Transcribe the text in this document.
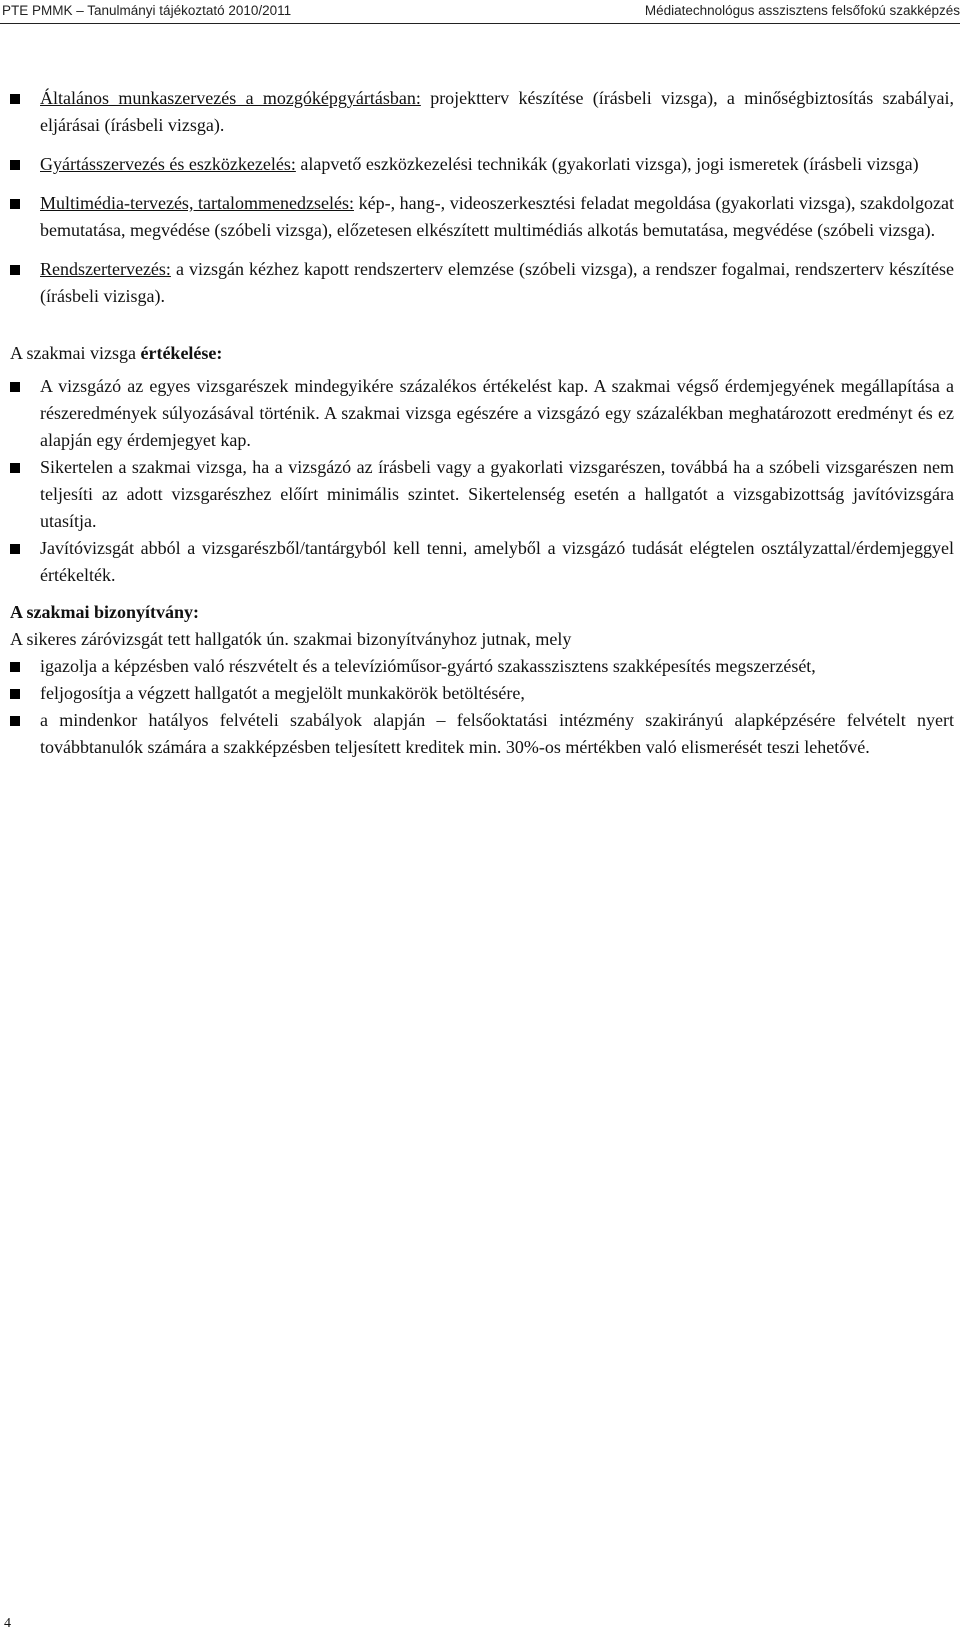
PTE PMMK – Tanulmányi tájékoztató 2010/2011	Médiatechnológus asszisztens felsőfokú szakképzés
Általános munkaszervezés a mozgóképgyártásban: projektterv készítése (írásbeli vizsga), a minőségbiztosítás szabályai, eljárásai (írásbeli vizsga).
Gyártásszervezés és eszközkezelés: alapvető eszközkezelési technikák (gyakorlati vizsga), jogi ismeretek (írásbeli vizsga)
Multimédia-tervezés, tartalommenedzselés: kép-, hang-, videoszerkesztési feladat megoldása (gyakorlati vizsga), szakdolgozat bemutatása, megvédése (szóbeli vizsga), előzetesen elkészített multimédiás alkotás bemutatása, megvédése (szóbeli vizsga).
Rendszertervezés: a vizsgán kézhez kapott rendszerterv elemzése (szóbeli vizsga), a rendszer fogalmai, rendszerterv készítése (írásbeli vizisga).

A szakmai vizsga értékelése:

A vizsgázó az egyes vizsgarészek mindegyikére százalékos értékelést kap. A szakmai végső érdemjegyének megállapítása a részeredmények súlyozásával történik. A szakmai vizsga egészére a vizsgázó egy százalékban meghatározott eredményt és ez alapján egy érdemjegyet kap.
Sikertelen a szakmai vizsga, ha a vizsgázó az írásbeli vagy a gyakorlati vizsgarészen, továbbá ha a szóbeli vizsgarészen nem teljesíti az adott vizsgarészhez előírt minimális szintet. Sikertelenség esetén a hallgatót a vizsgabizottság javítóvizsgára utasítja.
Javítóvizsgát abból a vizsgarészből/tantárgyból kell tenni, amelyből a vizsgázó tudását elégtelen osztályzattal/érdemjeggyel értékelték.

A szakmai bizonyítvány:

A sikeres záróvizsgát tett hallgatók ún. szakmai bizonyítványhoz jutnak, mely

igazolja a képzésben való részvételt és a televízióműsor-gyártó szakasszisztens szakképesítés megszerzését,
feljogosítja a végzett hallgatót a megjelölt munkakörök betöltésére,
a mindenkor hatályos felvételi szabályok alapján – felsőoktatási intézmény szakirányú alapképzésére felvételt nyert továbbtanulók számára a szakképzésben teljesített kreditek min. 30%-os mértékben való elismerését teszi lehetővé.
4
